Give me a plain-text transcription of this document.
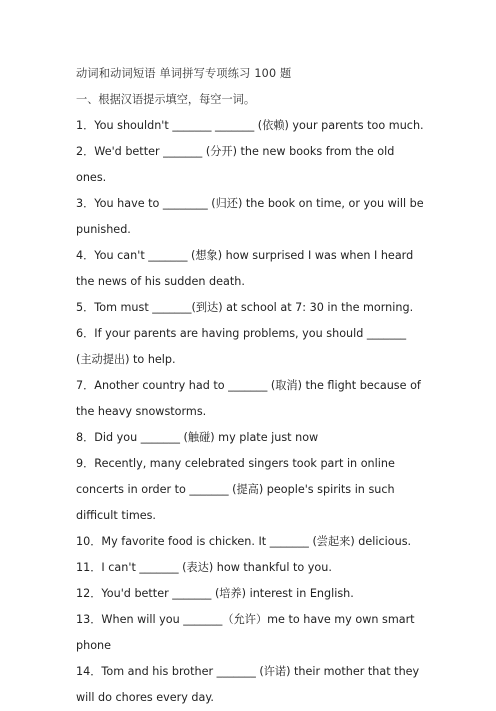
动词和动词短语 单词拼写专项练习 100 题

一、根据汉语提示填空，每空一词。

1．You shouldn't _______ _______ (依赖) your parents too much.
2．We'd better _______ (分开) the new books from the old ones.
3．You have to ________ (归还) the book on time, or you will be punished.
4．You can't _______ (想象) how surprised I was when I heard the news of his sudden death.
5．Tom must _______(到达) at school at 7: 30 in the morning.
6．If your parents are having problems, you should _______ (主动提出) to help.
7．Another country had to _______ (取消) the flight because of the heavy snowstorms.
8．Did you _______ (触碰) my plate just now
9．Recently, many celebrated singers took part in online concerts in order to _______ (提高) people's spirits in such difficult times.
10．My favorite food is chicken. It _______ (尝起来) delicious.
11．I can't _______ (表达) how thankful to you.
12．You'd better _______ (培养) interest in English.
13．When will you _______（允许）me to have my own smart phone
14．Tom and his brother _______ (许诺) their mother that they will do chores every day.
